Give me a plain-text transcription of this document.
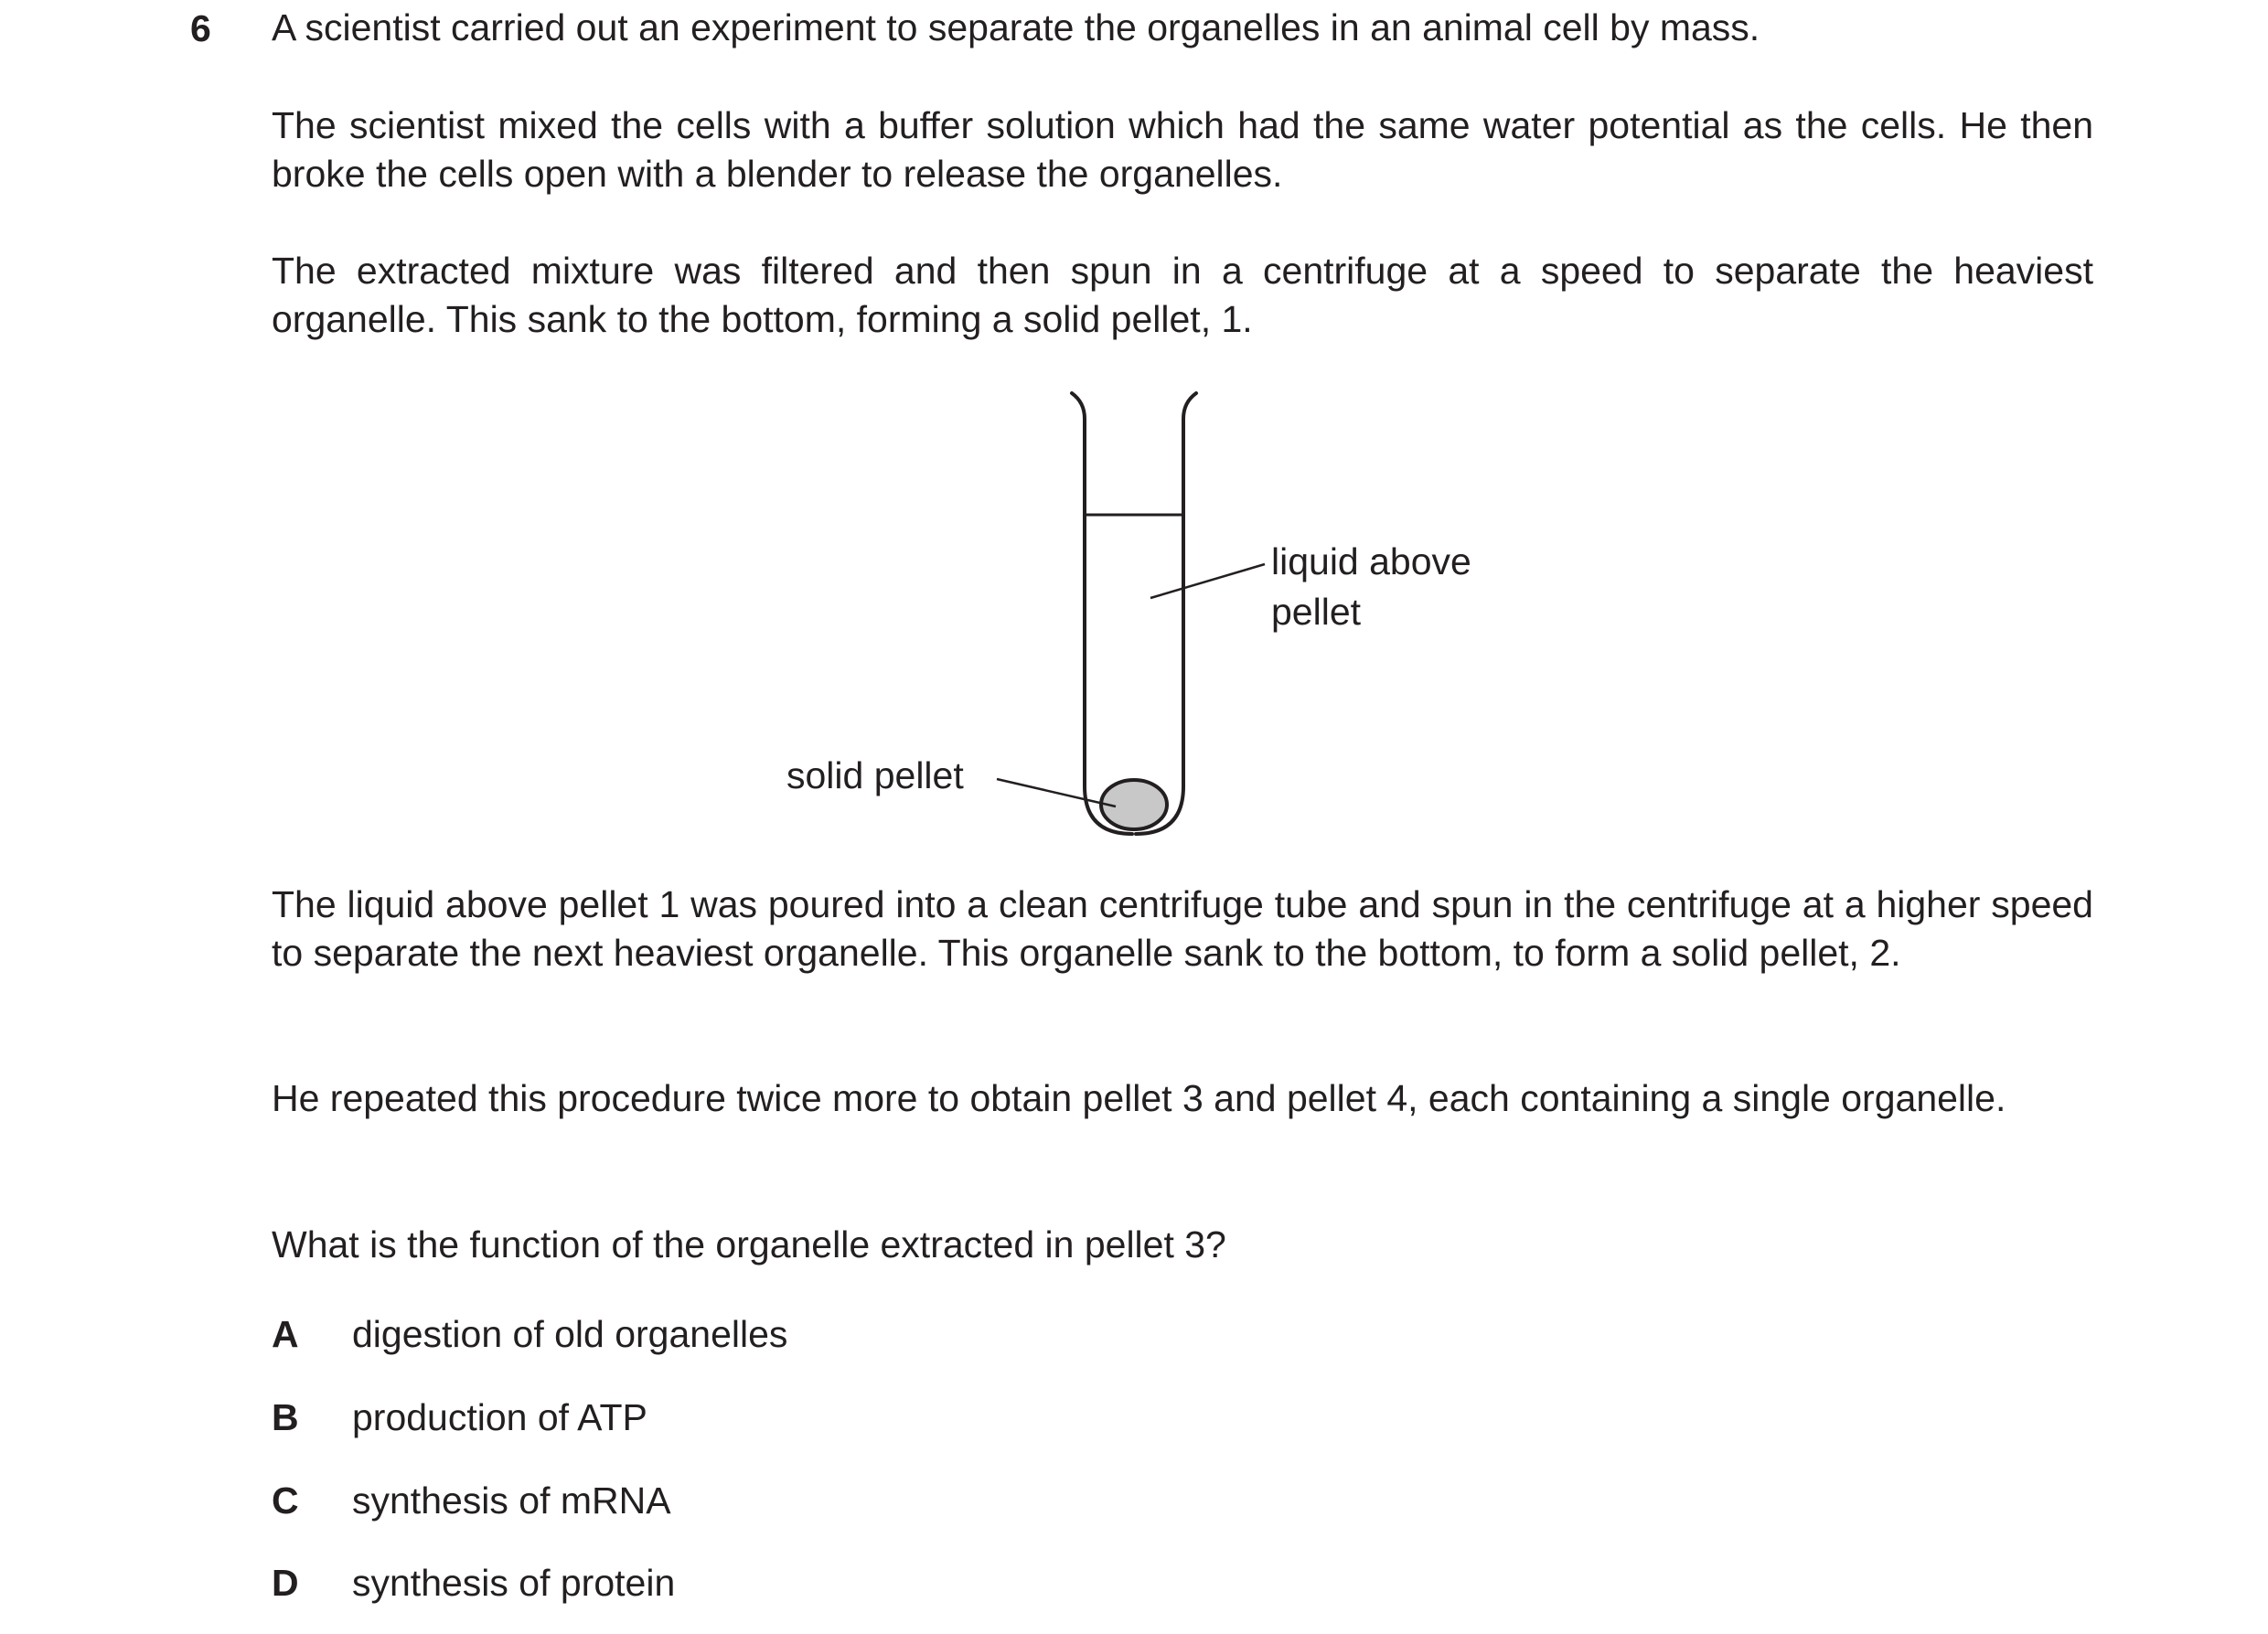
6 A scientist carried out an experiment to separate the organelles in an animal cell by mass.

The scientist mixed the cells with a buffer solution which had the same water potential as the cells. He then broke the cells open with a blender to release the organelles.

The extracted mixture was filtered and then spun in a centrifuge at a speed to separate the heaviest organelle. This sank to the bottom, forming a solid pellet, 1.

liquid above
pellet
solid pellet

The liquid above pellet 1 was poured into a clean centrifuge tube and spun in the centrifuge at a higher speed to separate the next heaviest organelle. This organelle sank to the bottom, to form a solid pellet, 2.

He repeated this procedure twice more to obtain pellet 3 and pellet 4, each containing a single organelle.

What is the function of the organelle extracted in pellet 3?

A digestion of old organelles
B production of ATP
C synthesis of mRNA
D synthesis of protein
